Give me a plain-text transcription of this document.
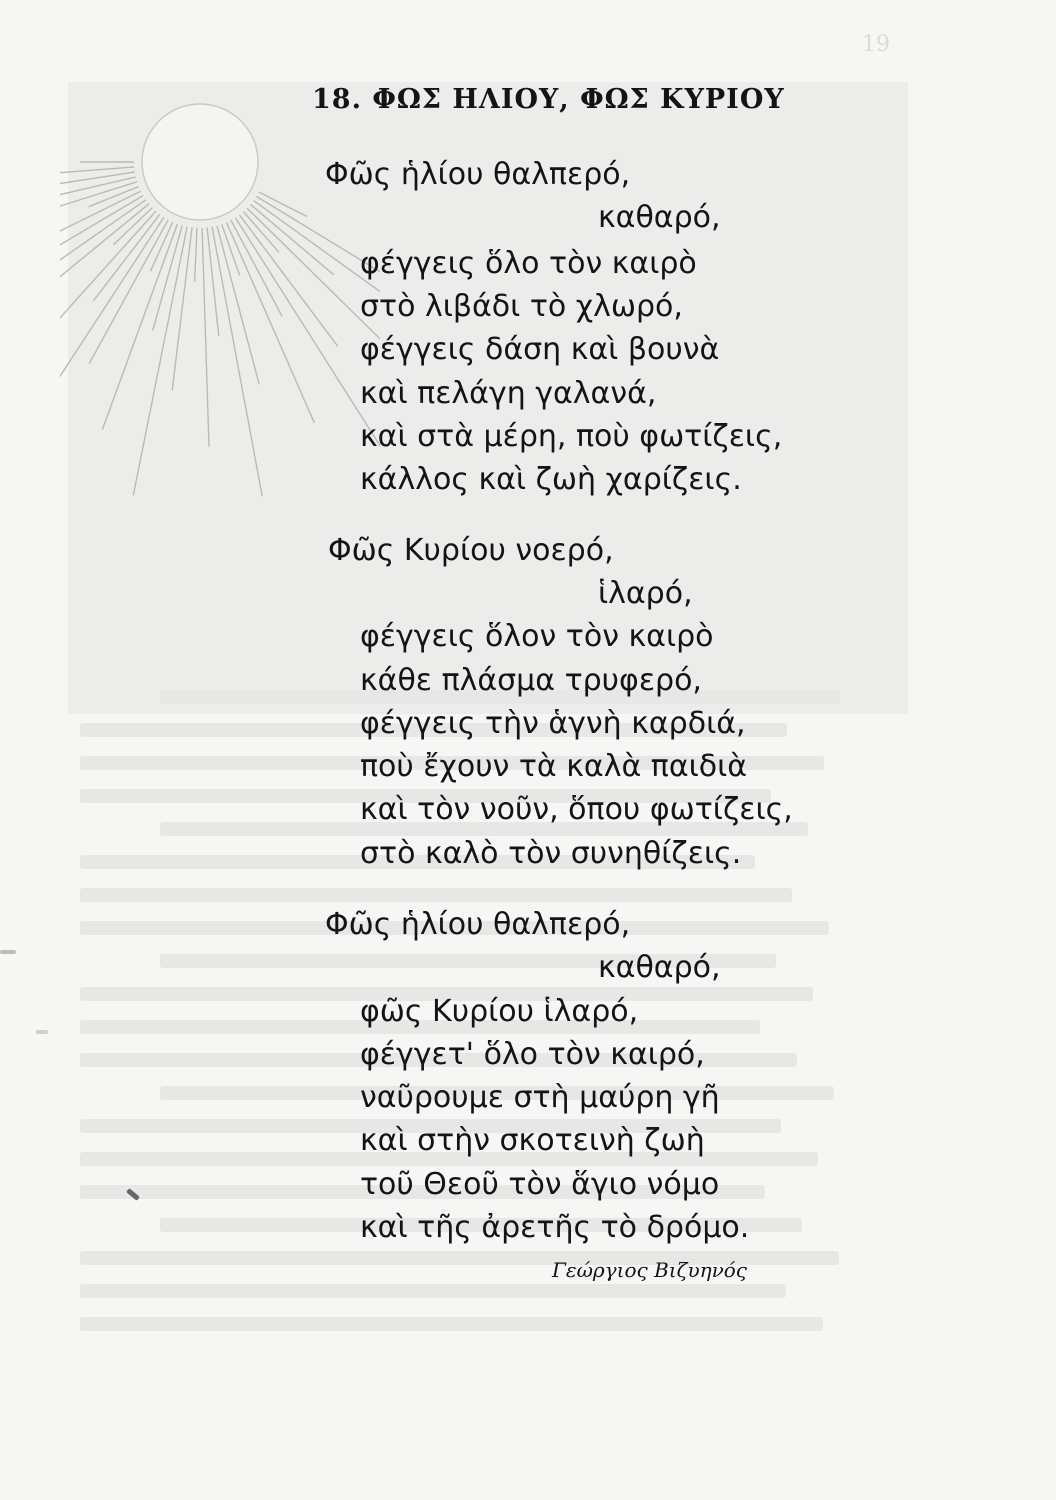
19
18. ΦΩΣ ΗΛΙΟΥ, ΦΩΣ ΚΥΡΙΟΥ
Φῶς ἡλίου θαλπερό,
καθαρό,
φέγγεις ὅλο τὸν καιρὸ
στὸ λιβάδι τὸ χλωρό,
φέγγεις δάση καὶ βουνὰ
καὶ πελάγη γαλανά,
καὶ στὰ μέρη, ποὺ φωτίζεις,
κάλλος καὶ ζωὴ χαρίζεις.
Φῶς Κυρίου νοερό,
ἱλαρό,
φέγγεις ὅλον τὸν καιρὸ
κάθε πλάσμα τρυφερό,
φέγγεις τὴν ἁγνὴ καρδιά,
ποὺ ἔχουν τὰ καλὰ παιδιὰ
καὶ τὸν νοῦν, ὅπου φωτίζεις,
στὸ καλὸ τὸν συνηθίζεις.
Φῶς ἡλίου θαλπερό,
καθαρό,
φῶς Κυρίου ἱλαρό,
φέγγετ' ὅλο τὸν καιρό,
ναῦρουμε στὴ μαύρη γῆ
καὶ στὴν σκοτεινὴ ζωὴ
τοῦ Θεοῦ τὸν ἅγιο νόμο
καὶ τῆς ἀρετῆς τὸ δρόμο.
Γεώργιος Βιζυηνός
